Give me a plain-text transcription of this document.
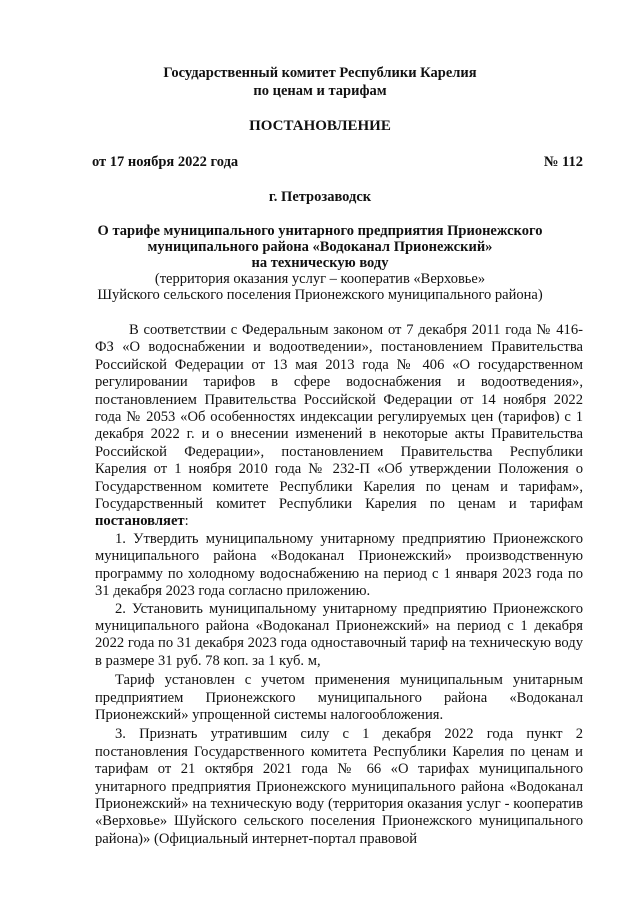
Государственный комитет Республики Карелия
по ценам и тарифам
ПОСТАНОВЛЕНИЕ
от 17 ноября 2022 года	№ 112
г. Петрозаводск
О тарифе муниципального унитарного предприятия Прионежского
муниципального района «Водоканал Прионежский»
на техническую воду
(территория оказания услуг – кооператив «Верховье»
Шуйского сельского поселения Прионежского муниципального района)

В соответствии с Федеральным законом от 7 декабря 2011 года № 416-ФЗ «О водоснабжении и водоотведении», постановлением Правительства Российской Федерации от 13 мая 2013 года № 406 «О государственном регулировании тарифов в сфере водоснабжения и водоотведения», постановлением Правительства Российской Федерации от 14 ноября 2022 года № 2053 «Об особенностях индексации регулируемых цен (тарифов) с 1 декабря 2022 г. и о внесении изменений в некоторые акты Правительства Российской Федерации», постановлением Правительства Республики Карелия от 1 ноября 2010 года № 232-П «Об утверждении Положения о Государственном комитете Республики Карелия по ценам и тарифам», Государственный комитет Республики Карелия по ценам и тарифам постановляет:

1. Утвердить муниципальному унитарному предприятию Прионежского муниципального района «Водоканал Прионежский» производственную программу по холодному водоснабжению на период с 1 января 2023 года по 31 декабря 2023 года согласно приложению.

2. Установить муниципальному унитарному предприятию Прионежского муниципального района «Водоканал Прионежский» на период с 1 декабря 2022 года по 31 декабря 2023 года одноставочный тариф на техническую воду в размере 31 руб. 78 коп. за 1 куб. м,

Тариф установлен с учетом применения муниципальным унитарным предприятием Прионежского муниципального района «Водоканал Прионежский» упрощенной системы налогообложения.

3. Признать утратившим силу с 1 декабря 2022 года пункт 2 постановления Государственного комитета Республики Карелия по ценам и тарифам от 21 октября 2021 года № 66 «О тарифах муниципального унитарного предприятия Прионежского муниципального района «Водоканал Прионежский» на техническую воду (территория оказания услуг - кооператив «Верховье» Шуйского сельского поселения Прионежского муниципального района)» (Официальный интернет-портал правовой
